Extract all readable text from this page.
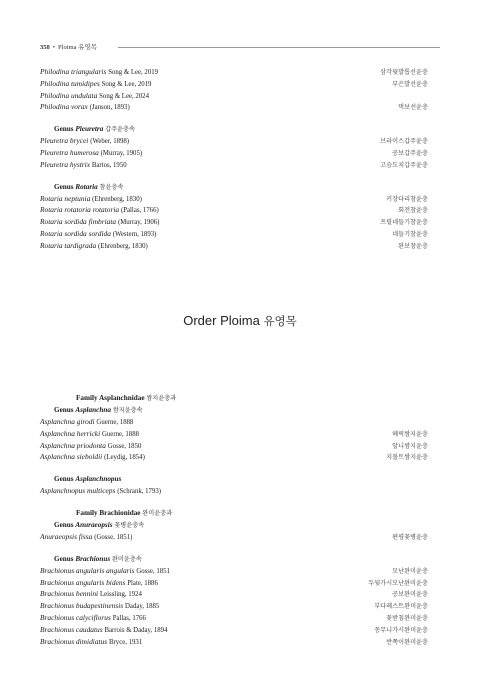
358 • Ploima 유영목
Philodina triangularis Song & Lee, 2019	삼각뒷발톱선윤충
Philodina tumidipes Song & Lee, 2019	부은발선윤충
Philodina undulata Song & Lee, 2024
Philodina vorax (Janson, 1893)	먹보선윤충
Genus Pleuretra 갑주윤충속
Pleuretra brycei (Weber, 1898)	브라이스갑주윤충
Pleuretra humerosa (Murray, 1905)	공보갑주윤충
Pleuretra hystrix Bartos, 1950	고슴도치갑주윤충
Genus Rotaria 참윤충속
Rotaria neptunia (Ehrenberg, 1830)	키장다리참윤충
Rotaria rotatoria rotatoria (Pallas, 1766)	회전참윤충
Rotaria sordida fimbriata (Murray, 1906)	프릴네들기참윤충
Rotaria sordida sordida (Western, 1893)	네들기참윤충
Rotaria tardigrada (Ehrenberg, 1830)	완보참윤충
Order Ploima 유영목
Family Asplanchnidae 쌈지윤충과
Genus Asplanchna 쌈지윤충속
Asplanchna girodi Guerne, 1888
Asplanchna herricki Guerne, 1888	헤릭쌈지윤충
Asplanchna priodonta Gosse, 1850	앞니쌈지윤충
Asplanchna sieboldii (Leydig, 1854)	지볼트쌈지윤충
Genus Asplanchnopus
Asplanchnopus multiceps (Schrank, 1793)
Family Brachionidae 완미윤충과
Genus Anuraeopsis 꽃병윤충속
Anuraeopsis fissa (Gosse, 1851)	편평꽃병윤충
Genus Brachionus 완미윤충속
Brachionus angularis angularis Gosse, 1851	모난완미윤충
Brachionus angularis bidens Plate, 1886	두뒷가시모난완미윤충
Brachionus bennini Leissling, 1924	공보완미윤충
Brachionus budapestinensis Daday, 1885	부다페스트완미윤충
Brachionus calyciflorus Pallas, 1766	꽃받침완미윤충
Brachionus caudatus Barrois & Daday, 1894	꽁무니가시완미윤충
Brachionus dimidiatus Bryce, 1931	반쪽이완미윤충
